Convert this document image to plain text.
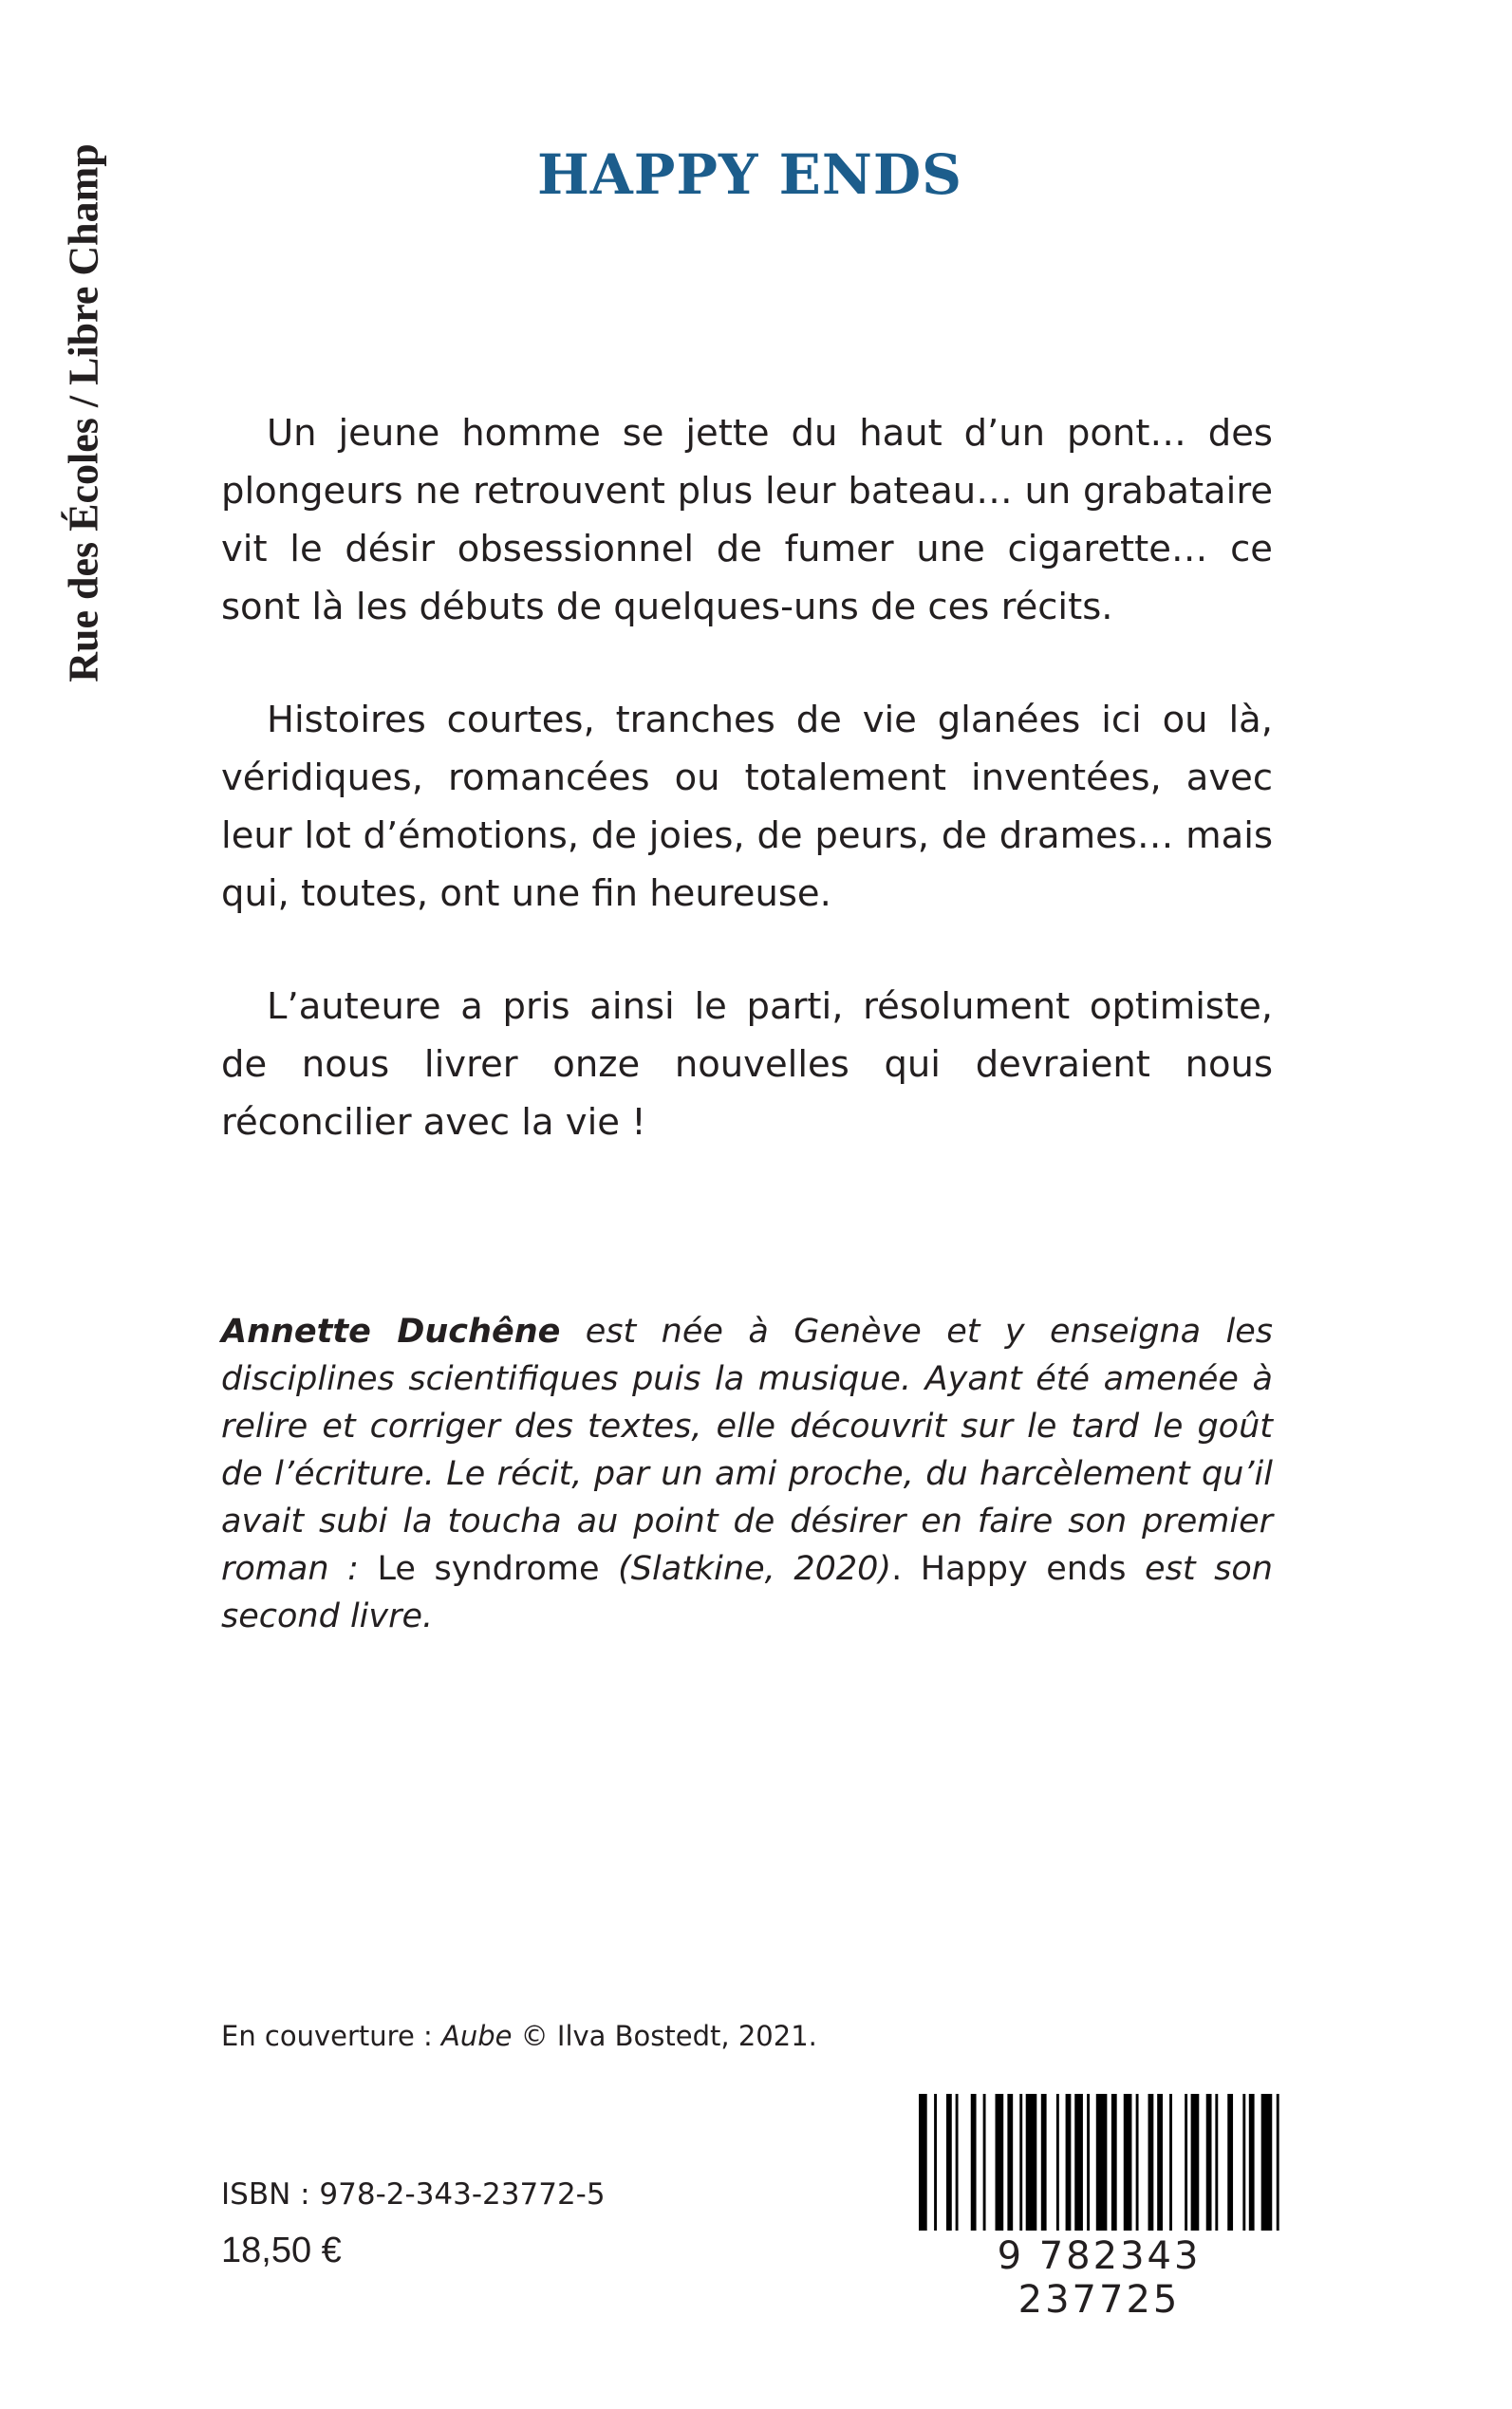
Rue des Écoles / Libre Champ	HAPPY ENDS

Un jeune homme se jette du haut d’un pont… des plongeurs ne retrouvent plus leur bateau… un grabataire vit le désir obsessionnel de fumer une cigarette… ce sont là les débuts de quelques-uns de ces récits.

Histoires courtes, tranches de vie glanées ici ou là, véridiques, romancées ou totalement inventées, avec leur lot d’émotions, de joies, de peurs, de drames… mais qui, toutes, ont une fin heureuse.

L’auteure a pris ainsi le parti, résolument optimiste, de nous livrer onze nouvelles qui devraient nous réconcilier avec la vie !

Annette Duchêne est née à Genève et y enseigna les disciplines scientifiques puis la musique. Ayant été amenée à relire et corriger des textes, elle découvrit sur le tard le goût de l’écriture. Le récit, par un ami proche, du harcèlement qu’il avait subi la toucha au point de désirer en faire son premier roman : Le syndrome (Slatkine, 2020). Happy ends est son second livre.
En couverture : Aube © Ilva Bostedt, 2021.
ISBN : 978-2-343-23772-5
18,50 €	9 782343 237725
